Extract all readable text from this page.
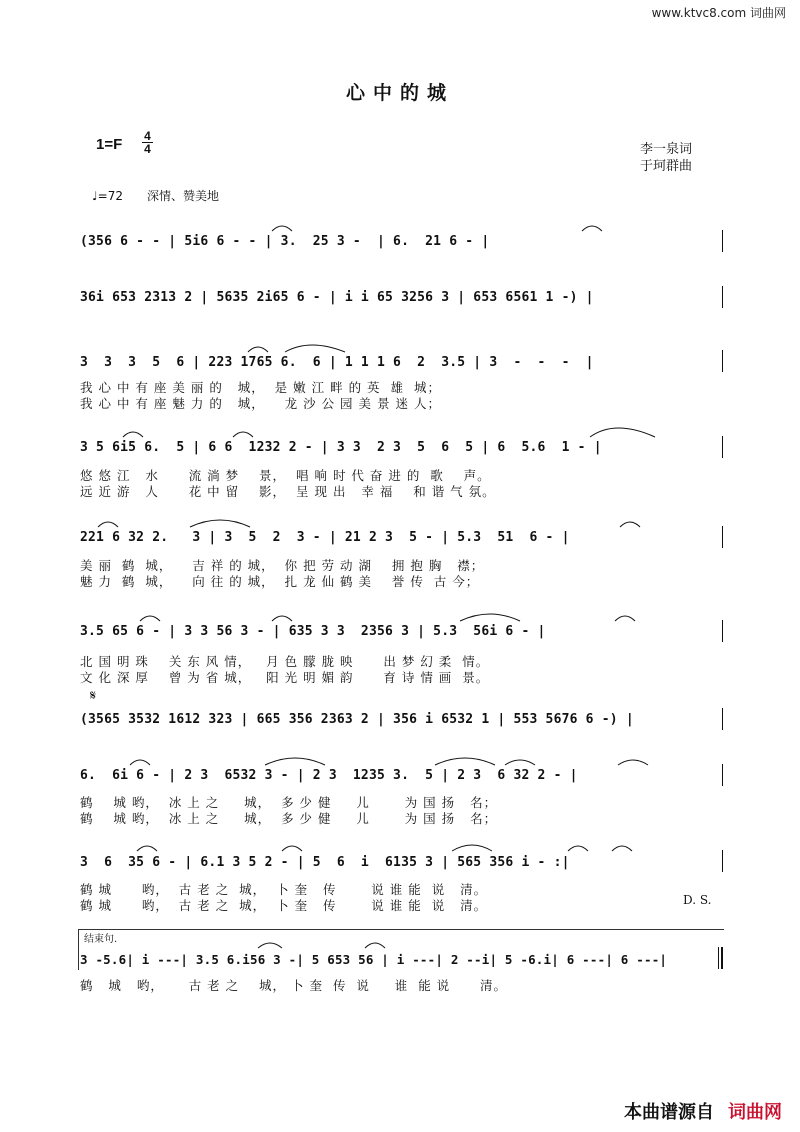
www.ktvc8.com 词曲网
心中的城
1=F 4
4	李一泉词
于珂群曲
♩=72　　深情、赞美地
(356 6 - - | 5i6 6 - - | 3.  25 3 -  | 6.  21 6 - |
36i 653 2313 2 | 5635 2i65 6 - | i i 65 3256 3 | 653 6561 1 -) |
3  3  3  5  6 | 223 1765 6.  6 | 1 1 1 6  2  3.5 | 3  -  -  -  |
我 心 中 有 座 美 丽 的   城，  是 嫩 江 畔 的 英  雄  城；
我 心 中 有 座 魅 力 的   城，    龙 沙 公 园 美 景 迷 人；
3 5 6i5 6.  5 | 6 6  1232 2 - | 3 3  2 3  5  6  5 | 6  5.6  1 - |
悠 悠 江   水      流 淌 梦    景，  唱 响 时 代 奋 进 的  歌    声。
远 近 游   人      花 中 留    影，  呈 现 出   幸 福    和 谐 气 氛。
221 6 32 2.   3 | 3  5  2  3 - | 21 2 3  5 - | 5.3  51  6 - |
美 丽  鹤  城，    吉 祥 的 城，  你 把 劳 动 湖    拥 抱 胸   襟；
魅 力  鹤  城，    向 往 的 城，  扎 龙 仙 鹤 美    誉 传  古 今；
3.5 65 6 - | 3 3 56 3 - | 635 3 3  2356 3 | 5.3  56i 6 - |
北 国 明 珠    关 东 风 情，   月 色 朦 胧 映      出 梦 幻 柔  情。
文 化 深 厚    曾 为 省 城，   阳 光 明 媚 韵      育 诗 情 画  景。
𝄋
(3565 3532 1612 323 | 665 356 2363 2 | 356 i 6532 1 | 553 5676 6 -) |
6.  6i 6 - | 2 3  6532 3 - | 2 3  1235 3.  5 | 2 3  6 32 2 - |
鹤    城 哟，  冰 上 之     城，  多 少 健     儿       为 国 扬   名；
鹤    城 哟，  冰 上 之     城，  多 少 健     儿       为 国 扬   名；
3  6  35 6 - | 6.1 3 5 2 - | 5  6  i  6135 3 | 565 356 i - :|
鹤 城      哟，  古 老 之  城，  卜 奎   传       说 谁 能  说   清。
鹤 城      哟，  古 老 之  城，  卜 奎   传       说 谁 能  说   清。	D. S.
结束句.
3 -5.6| i ---| 3.5 6.i56 3 -| 5 653 56 | i ---| 2 --i| 5 -6.i| 6 ---| 6 ---|
鹤   城   哟，     古 老 之    城， 卜 奎  传  说     谁  能 说      清。
本曲谱源自 词曲网
